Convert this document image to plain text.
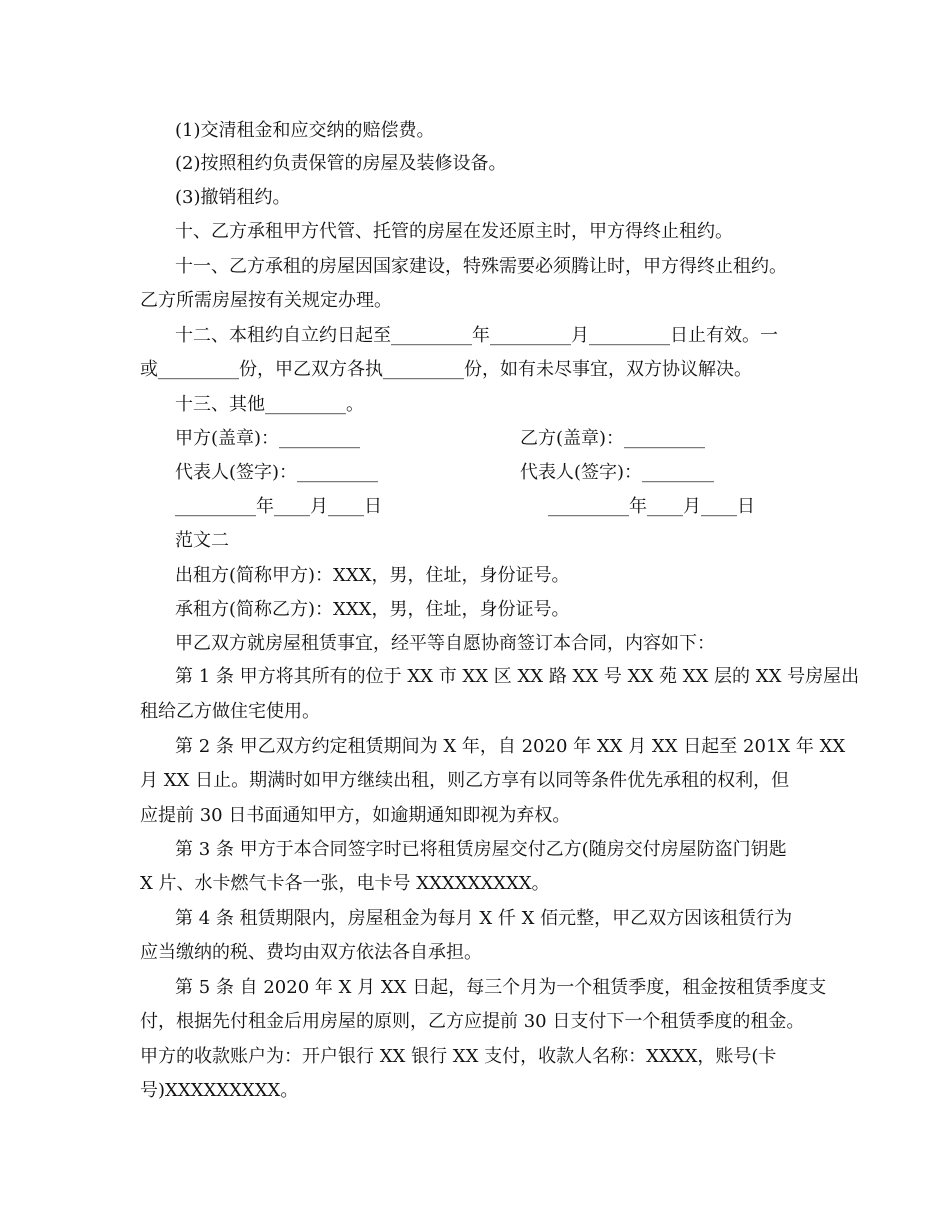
(1)交清租金和应交纳的赔偿费。

(2)按照租约负责保管的房屋及装修设备。

(3)撤销租约。

十、乙方承租甲方代管、托管的房屋在发还原主时，甲方得终止租约。

十一、乙方承租的房屋因国家建设，特殊需要必须腾让时，甲方得终止租约。

乙方所需房屋按有关规定办理。

十二、本租约自立约日起至_________年_________月_________日止有效。一

或_________份，甲乙双方各执_________份，如有未尽事宜，双方协议解决。

十三、其他_________。

甲方(盖章)：_________	乙方(盖章)：_________

代表人(签字)：_________	代表人(签字)：________

_________年____月____日	_________年____月____日

范文二

出租方(简称甲方)：XXX，男，住址，身份证号。

承租方(简称乙方)：XXX，男，住址，身份证号。

甲乙双方就房屋租赁事宜，经平等自愿协商签订本合同，内容如下：

第 1 条 甲方将其所有的位于 XX 市 XX 区 XX 路 XX 号 XX 苑 XX 层的 XX 号房屋出

租给乙方做住宅使用。

第 2 条 甲乙双方约定租赁期间为 X 年，自 2020 年 XX 月 XX 日起至 201X 年 XX

月 XX 日止。期满时如甲方继续出租，则乙方享有以同等条件优先承租的权利，但

应提前 30 日书面通知甲方，如逾期通知即视为弃权。

第 3 条 甲方于本合同签字时已将租赁房屋交付乙方(随房交付房屋防盗门钥匙

X 片、水卡燃气卡各一张，电卡号 XXXXXXXXX。

第 4 条 租赁期限内，房屋租金为每月 X 仟 X 佰元整，甲乙双方因该租赁行为

应当缴纳的税、费均由双方依法各自承担。

第 5 条 自 2020 年 X 月 XX 日起，每三个月为一个租赁季度，租金按租赁季度支

付，根据先付租金后用房屋的原则，乙方应提前 30 日支付下一个租赁季度的租金。

甲方的收款账户为：开户银行 XX 银行 XX 支付，收款人名称：XXXX，账号(卡

号)XXXXXXXXX。
